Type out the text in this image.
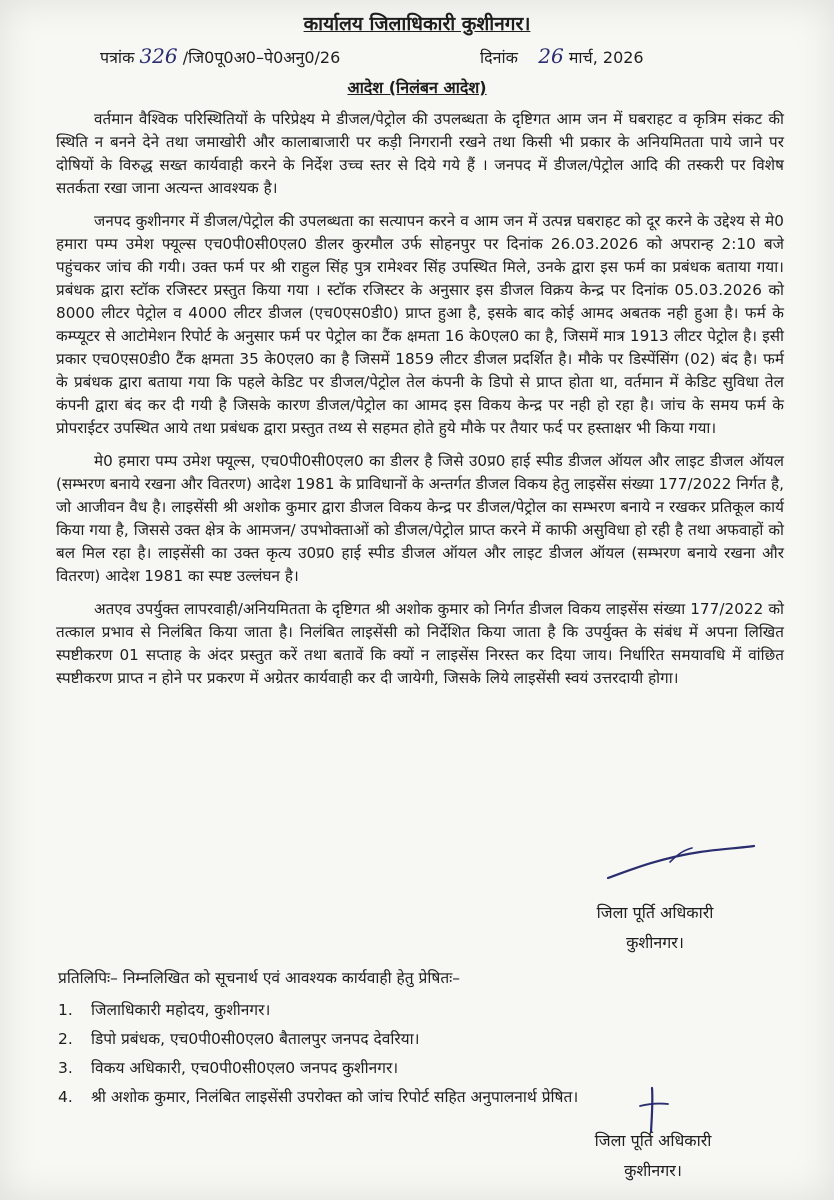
कार्यालय जिलाधिकारी कुशीनगर।
पत्रांक 326 /जि0पू0अ0–पे0अनु0/26	दिनांक 26 मार्च, 2026
आदेश (निलंबन आदेश)

वर्तमान वैश्विक परिस्थितियों के परिप्रेक्ष्य मे डीजल/पेट्रोल की उपलब्धता के दृष्टिगत आम जन में घबराहट व कृत्रिम संकट की स्थिति न बनने देने तथा जमाखोरी और कालाबाजारी पर कड़ी निगरानी रखने तथा किसी भी प्रकार के अनियमितता पाये जाने पर दोषियों के विरुद्ध सख्त कार्यवाही करने के निर्देश उच्च स्तर से दिये गये हैं । जनपद में डीजल/पेट्रोल आदि की तस्करी पर विशेष सतर्कता रखा जाना अत्यन्त आवश्यक है।

जनपद कुशीनगर में डीजल/पेट्रोल की उपलब्धता का सत्यापन करने व आम जन में उत्पन्न घबराहट को दूर करने के उद्देश्य से मे0 हमारा पम्प उमेश फ्यूल्स एच0पी0सी0एल0 डीलर कुरमौल उर्फ सोहनपुर पर दिनांक 26.03.2026 को अपरान्ह 2:10 बजे पहुंचकर जांच की गयी। उक्त फर्म पर श्री राहुल सिंह पुत्र रामेश्वर सिंह उपस्थित मिले, उनके द्वारा इस फर्म का प्रबंधक बताया गया। प्रबंधक द्वारा स्टॉक रजिस्टर प्रस्तुत किया गया । स्टॉक रजिस्टर के अनुसार इस डीजल विक्रय केन्द्र पर दिनांक 05.03.2026 को 8000 लीटर पेट्रोल व 4000 लीटर डीजल (एच0एस0डी0) प्राप्त हुआ है, इसके बाद कोई आमद अबतक नही हुआ है। फर्म के कम्प्यूटर से आटोमेशन रिपोर्ट के अनुसार फर्म पर पेट्रोल का टैंक क्षमता 16 के0एल0 का है, जिसमें मात्र 1913 लीटर पेट्रोल है। इसी प्रकार एच0एस0डी0 टैंक क्षमता 35 के0एल0 का है जिसमें 1859 लीटर डीजल प्रदर्शित है। मौके पर डिस्पेंसिंग (02) बंद है। फर्म के प्रबंधक द्वारा बताया गया कि पहले केडिट पर डीजल/पेट्रोल तेल कंपनी के डिपो से प्राप्त होता था, वर्तमान में केडिट सुविधा तेल कंपनी द्वारा बंद कर दी गयी है जिसके कारण डीजल/पेट्रोल का आमद इस विकय केन्द्र पर नही हो रहा है। जांच के समय फर्म के प्रोपराईटर उपस्थित आये तथा प्रबंधक द्वारा प्रस्तुत तथ्य से सहमत होते हुये मौके पर तैयार फर्द पर हस्ताक्षर भी किया गया।

मे0 हमारा पम्प उमेश फ्यूल्स, एच0पी0सी0एल0 का डीलर है जिसे उ0प्र0 हाई स्पीड डीजल ऑयल और लाइट डीजल ऑयल (सम्भरण बनाये रखना और वितरण) आदेश 1981 के प्राविधानों के अन्तर्गत डीजल विकय हेतु लाइसेंस संख्या 177/2022 निर्गत है, जो आजीवन वैध है। लाइसेंसी श्री अशोक कुमार द्वारा डीजल विकय केन्द्र पर डीजल/पेट्रोल का सम्भरण बनाये न रखकर प्रतिकूल कार्य किया गया है, जिससे उक्त क्षेत्र के आमजन/ उपभोक्ताओं को डीजल/पेट्रोल प्राप्त करने में काफी असुविधा हो रही है तथा अफवाहों को बल मिल रहा है। लाइसेंसी का उक्त कृत्य उ0प्र0 हाई स्पीड डीजल ऑयल और लाइट डीजल ऑयल (सम्भरण बनाये रखना और वितरण) आदेश 1981 का स्पष्ट उल्लंघन है।

अतएव उपर्युक्त लापरवाही/अनियमितता के दृष्टिगत श्री अशोक कुमार को निर्गत डीजल विकय लाइसेंस संख्या 177/2022 को तत्काल प्रभाव से निलंबित किया जाता है। निलंबित लाइसेंसी को निर्देशित किया जाता है कि उपर्युक्त के संबंध में अपना लिखित स्पष्टीकरण 01 सप्ताह के अंदर प्रस्तुत करें तथा बतावें कि क्यों न लाइसेंस निरस्त कर दिया जाय। निर्धारित समयावधि में वांछित स्पष्टीकरण प्राप्त न होने पर प्रकरण में अग्रेतर कार्यवाही कर दी जायेगी, जिसके लिये लाइसेंसी स्वयं उत्तरदायी होगा।

जिला पूर्ति अधिकारी
कुशीनगर।
प्रतिलिपिः– निम्नलिखित को सूचनार्थ एवं आवश्यक कार्यवाही हेतु प्रेषितः–
1. जिलाधिकारी महोदय, कुशीनगर।
2. डिपो प्रबंधक, एच0पी0सी0एल0 बैतालपुर जनपद देवरिया।
3. विकय अधिकारी, एच0पी0सी0एल0 जनपद कुशीनगर।
4. श्री अशोक कुमार, निलंबित लाइसेंसी उपरोक्त को जांच रिपोर्ट सहित अनुपालनार्थ प्रेषित।
जिला पूर्ति अधिकारी
कुशीनगर।
